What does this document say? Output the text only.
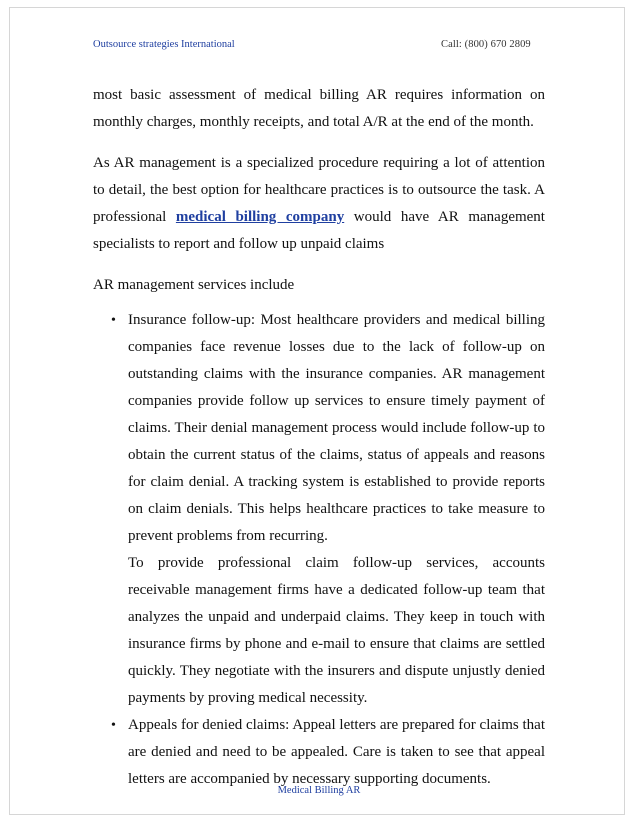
Outsource strategies International	Call: (800) 670 2809

most basic assessment of medical billing AR requires information on monthly charges, monthly receipts, and total A/R at the end of the month.

As AR management is a specialized procedure requiring a lot of attention to detail, the best option for healthcare practices is to outsource the task. A professional medical billing company would have AR management specialists to report and follow up unpaid claims

AR management services include

• Insurance follow-up: Most healthcare providers and medical billing companies face revenue losses due to the lack of follow-up on outstanding claims with the insurance companies. AR management companies provide follow up services to ensure timely payment of claims. Their denial management process would include follow-up to obtain the current status of the claims, status of appeals and reasons for claim denial. A tracking system is established to provide reports on claim denials. This helps healthcare practices to take measure to prevent problems from recurring.

To provide professional claim follow-up services, accounts receivable management firms have a dedicated follow-up team that analyzes the unpaid and underpaid claims. They keep in touch with insurance firms by phone and e-mail to ensure that claims are settled quickly. They negotiate with the insurers and dispute unjustly denied payments by proving medical necessity.

• Appeals for denied claims: Appeal letters are prepared for claims that are denied and need to be appealed. Care is taken to see that appeal letters are accompanied by necessary supporting documents.

Medical Billing AR
